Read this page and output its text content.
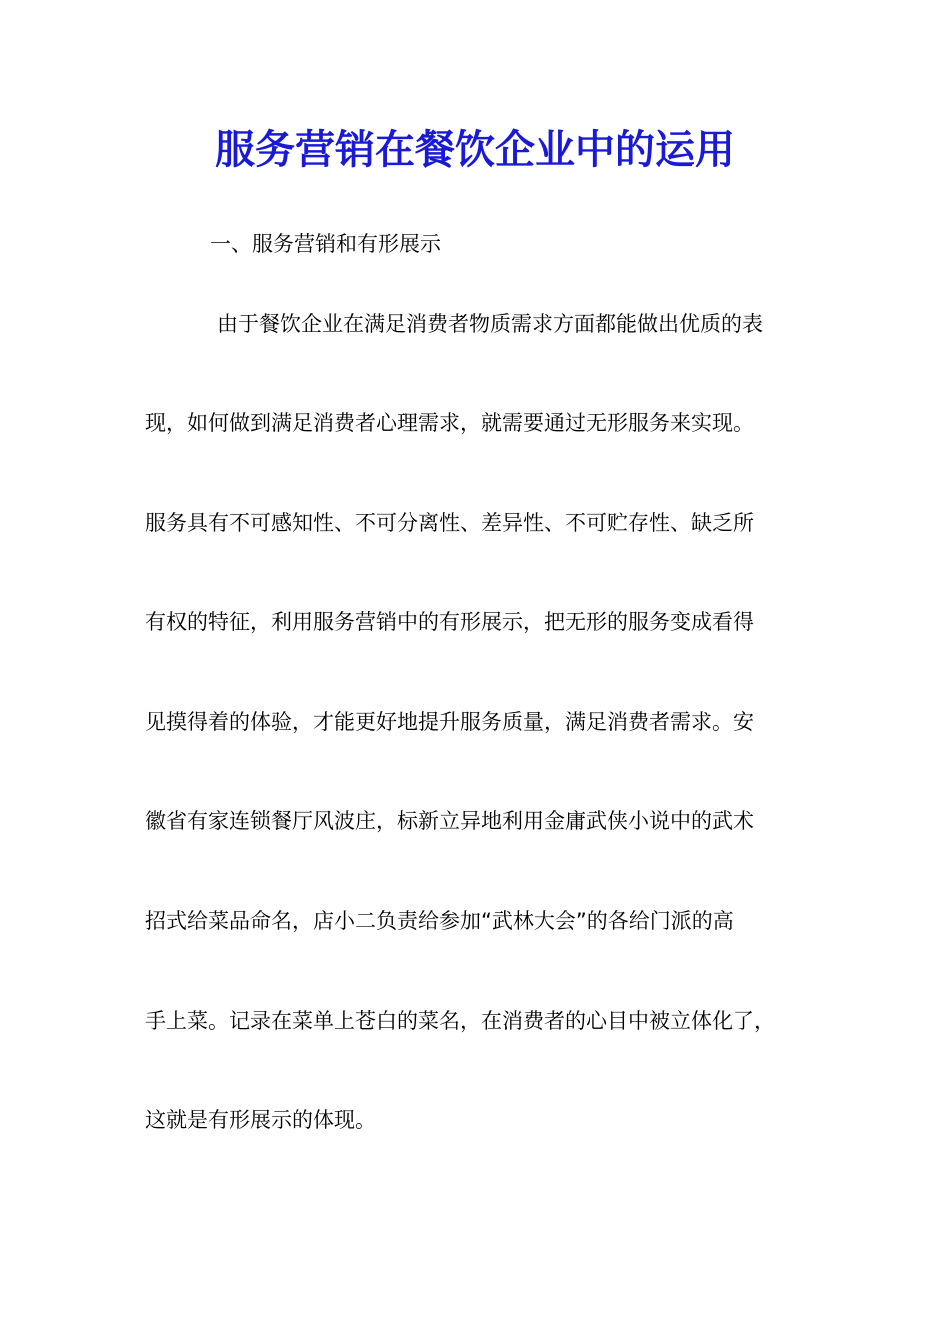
服务营销在餐饮企业中的运用
一、服务营销和有形展示
由于餐饮企业在满足消费者物质需求方面都能做出优质的表
现，如何做到满足消费者心理需求，就需要通过无形服务来实现。
服务具有不可感知性、不可分离性、差异性、不可贮存性、缺乏所
有权的特征，利用服务营销中的有形展示，把无形的服务变成看得
见摸得着的体验，才能更好地提升服务质量，满足消费者需求。安
徽省有家连锁餐厅风波庄，标新立异地利用金庸武侠小说中的武术
招式给菜品命名，店小二负责给参加“武林大会”的各给门派的高
手上菜。记录在菜单上苍白的菜名，在消费者的心目中被立体化了，
这就是有形展示的体现。
